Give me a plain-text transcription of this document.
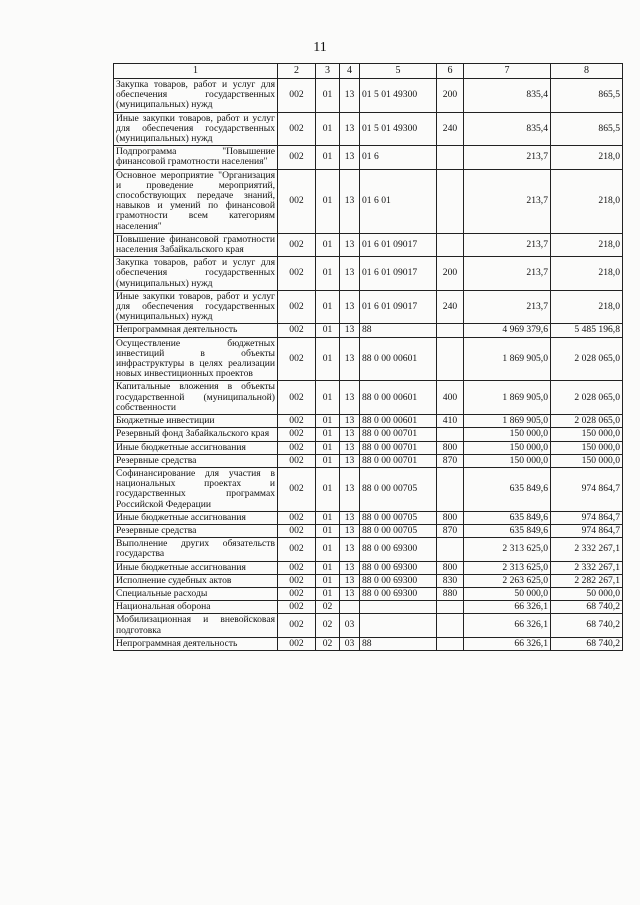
11
1	2	3	4	5	6	7	8
Закупка товаров, работ и услуг для обеспечения государственных (муниципальных) нужд	002	01	13	01 5 01 49300	200	835,4	865,5
Иные закупки товаров, работ и услуг для обеспечения государственных (муниципальных) нужд	002	01	13	01 5 01 49300	240	835,4	865,5
Подпрограмма "Повышение финансовой грамотности населения"	002	01	13	01 6		213,7	218,0
Основное мероприятие "Организация и проведение мероприятий, способствующих передаче знаний, навыков и умений по финансовой грамотности всем категориям населения"	002	01	13	01 6 01		213,7	218,0
Повышение финансовой грамотности населения Забайкальского края	002	01	13	01 6 01 09017		213,7	218,0
Закупка товаров, работ и услуг для обеспечения государственных (муниципальных) нужд	002	01	13	01 6 01 09017	200	213,7	218,0
Иные закупки товаров, работ и услуг для обеспечения государственных (муниципальных) нужд	002	01	13	01 6 01 09017	240	213,7	218,0
Непрограммная деятельность	002	01	13	88		4 969 379,6	5 485 196,8
Осуществление бюджетных инвестиций в объекты инфраструктуры в целях реализации новых инвестиционных проектов	002	01	13	88 0 00 00601		1 869 905,0	2 028 065,0
Капитальные вложения в объекты государственной (муниципальной) собственности	002	01	13	88 0 00 00601	400	1 869 905,0	2 028 065,0
Бюджетные инвестиции	002	01	13	88 0 00 00601	410	1 869 905,0	2 028 065,0
Резервный фонд Забайкальского края	002	01	13	88 0 00 00701		150 000,0	150 000,0
Иные бюджетные ассигнования	002	01	13	88 0 00 00701	800	150 000,0	150 000,0
Резервные средства	002	01	13	88 0 00 00701	870	150 000,0	150 000,0
Софинансирование для участия в национальных проектах и государственных программах Российской Федерации	002	01	13	88 0 00 00705		635 849,6	974 864,7
Иные бюджетные ассигнования	002	01	13	88 0 00 00705	800	635 849,6	974 864,7
Резервные средства	002	01	13	88 0 00 00705	870	635 849,6	974 864,7
Выполнение других обязательств государства	002	01	13	88 0 00 69300		2 313 625,0	2 332 267,1
Иные бюджетные ассигнования	002	01	13	88 0 00 69300	800	2 313 625,0	2 332 267,1
Исполнение судебных актов	002	01	13	88 0 00 69300	830	2 263 625,0	2 282 267,1
Специальные расходы	002	01	13	88 0 00 69300	880	50 000,0	50 000,0
Национальная оборона	002	02				66 326,1	68 740,2
Мобилизационная и вневойсковая подготовка	002	02	03			66 326,1	68 740,2
Непрограммная деятельность	002	02	03	88		66 326,1	68 740,2
